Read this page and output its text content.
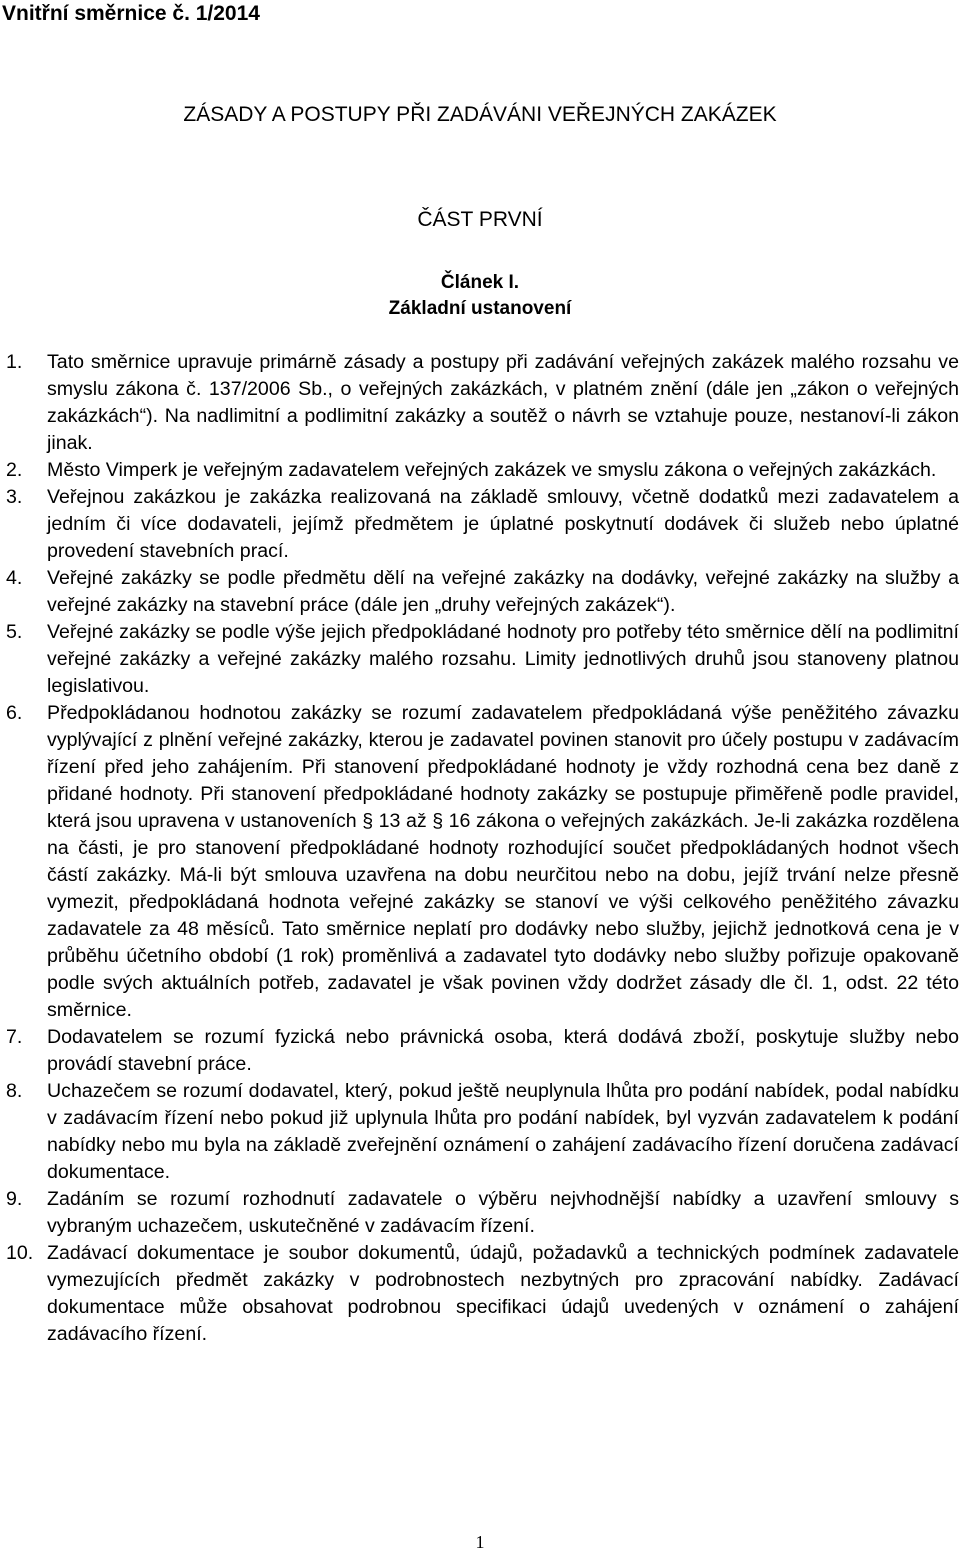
Vnitřní směrnice č. 1/2014
ZÁSADY A POSTUPY PŘI ZADÁVÁNI VEŘEJNÝCH ZAKÁZEK
ČÁST PRVNÍ
Článek I.
Základní ustanovení
1. Tato směrnice upravuje primárně zásady a postupy při zadávání veřejných zakázek malého rozsahu ve smyslu zákona č. 137/2006 Sb., o veřejných zakázkách, v platném znění (dále jen „zákon o veřejných zakázkách“). Na nadlimitní a podlimitní zakázky a soutěž o návrh se vztahuje pouze, nestanoví-li zákon jinak.
2. Město Vimperk je veřejným zadavatelem veřejných zakázek ve smyslu zákona o veřejných zakázkách.
3. Veřejnou zakázkou je zakázka realizovaná na základě smlouvy, včetně dodatků mezi zadavatelem a jedním či více dodavateli, jejímž předmětem je úplatné poskytnutí dodávek či služeb nebo úplatné provedení stavebních prací.
4. Veřejné zakázky se podle předmětu dělí na veřejné zakázky na dodávky, veřejné zakázky na služby a veřejné zakázky na stavební práce (dále jen „druhy veřejných zakázek“).
5. Veřejné zakázky se podle výše jejich předpokládané hodnoty pro potřeby této směrnice dělí na podlimitní veřejné zakázky a veřejné zakázky malého rozsahu. Limity jednotlivých druhů jsou stanoveny platnou legislativou.
6. Předpokládanou hodnotou zakázky se rozumí zadavatelem předpokládaná výše peněžitého závazku vyplývající z plnění veřejné zakázky, kterou je zadavatel povinen stanovit pro účely postupu v zadávacím řízení před jeho zahájením. Při stanovení předpokládané hodnoty je vždy rozhodná cena bez daně z přidané hodnoty. Při stanovení předpokládané hodnoty zakázky se postupuje přiměřeně podle pravidel, která jsou upravena v ustanoveních § 13 až § 16 zákona o veřejných zakázkách. Je-li zakázka rozdělena na části, je pro stanovení předpokládané hodnoty rozhodující součet předpokládaných hodnot všech částí zakázky. Má-li být smlouva uzavřena na dobu neurčitou nebo na dobu, jejíž trvání nelze přesně vymezit, předpokládaná hodnota veřejné zakázky se stanoví ve výši celkového peněžitého závazku zadavatele za 48 měsíců. Tato směrnice neplatí pro dodávky nebo služby, jejichž jednotková cena je v průběhu účetního období (1 rok) proměnlivá a zadavatel tyto dodávky nebo služby pořizuje opakovaně podle svých aktuálních potřeb, zadavatel je však povinen vždy dodržet zásady dle čl. 1, odst. 22 této směrnice.
7. Dodavatelem se rozumí fyzická nebo právnická osoba, která dodává zboží, poskytuje služby nebo provádí stavební práce.
8. Uchazečem se rozumí dodavatel, který, pokud ještě neuplynula lhůta pro podání nabídek, podal nabídku v zadávacím řízení nebo pokud již uplynula lhůta pro podání nabídek, byl vyzván zadavatelem k podání nabídky nebo mu byla na základě zveřejnění oznámení o zahájení zadávacího řízení doručena zadávací dokumentace.
9. Zadáním se rozumí rozhodnutí zadavatele o výběru nejvhodnější nabídky a uzavření smlouvy s vybraným uchazečem, uskutečněné v zadávacím řízení.
10. Zadávací dokumentace je soubor dokumentů, údajů, požadavků a technických podmínek zadavatele vymezujících předmět zakázky v podrobnostech nezbytných pro zpracování nabídky. Zadávací dokumentace může obsahovat podrobnou specifikaci údajů uvedených v oznámení o zahájení zadávacího řízení.
1
